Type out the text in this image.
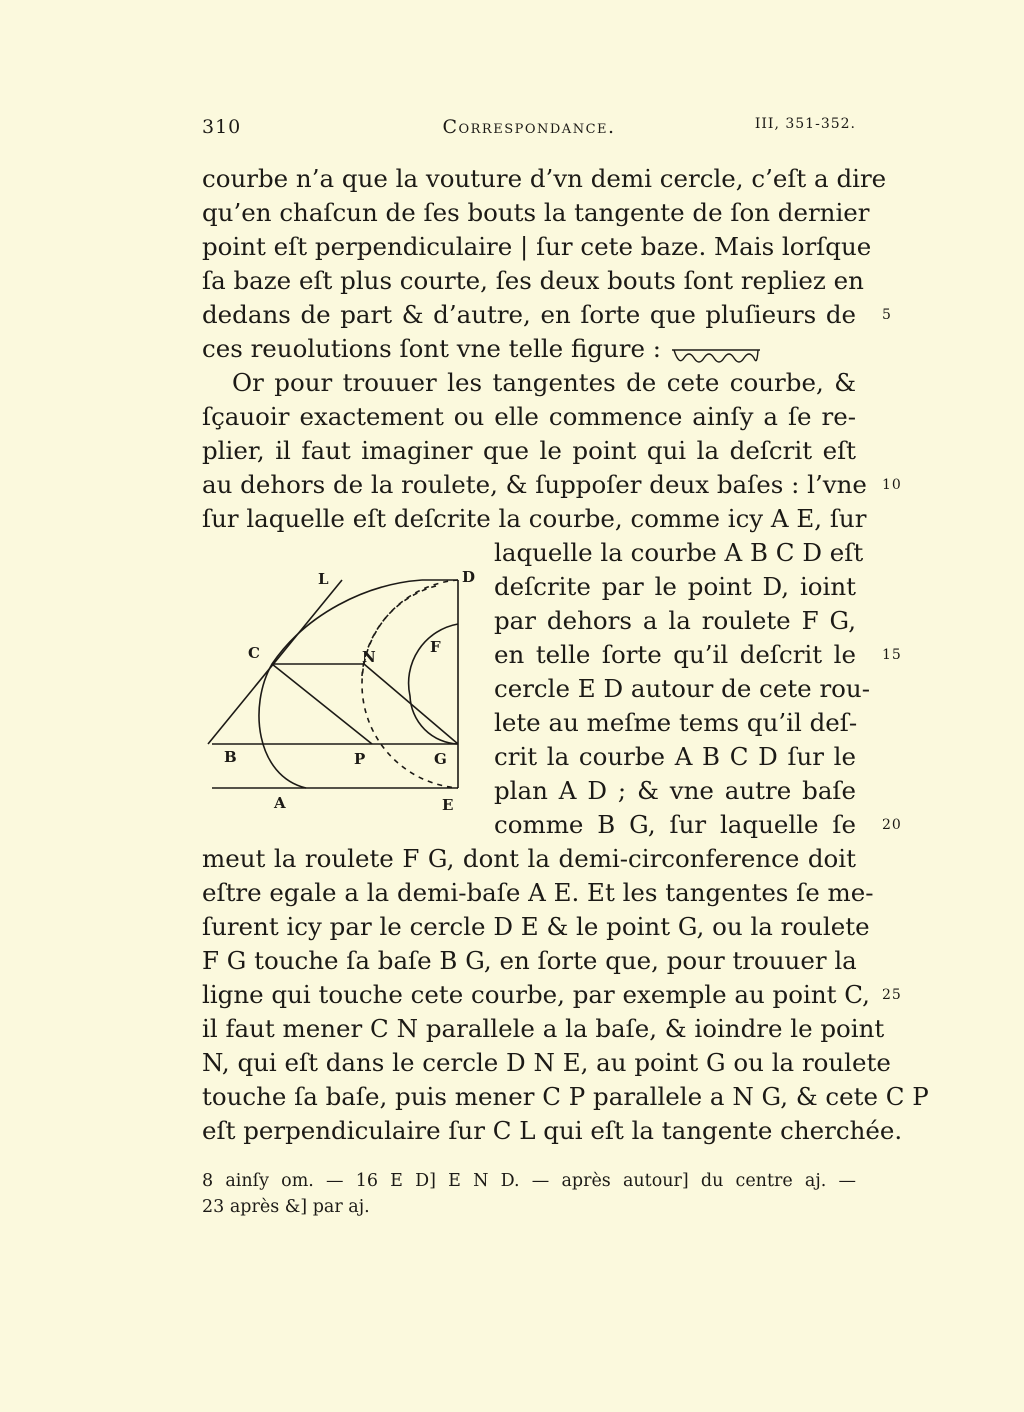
310	Correspondance.	III, 351-352.
courbe n’a que la vouture d’vn demi cercle, c’eſt a dire
qu’en chaſcun de ſes bouts la tangente de ſon dernier
point eſt perpendiculaire | ſur cete baze. Mais lorſque
ſa baze eſt plus courte, ſes deux bouts ſont repliez en
dedans de part & d’autre, en ſorte que pluſieurs de 5
ces reuolutions ſont vne telle figure :
Or pour trouuer les tangentes de cete courbe, &
ſçauoir exactement ou elle commence ainſy a ſe re-
plier, il faut imaginer que le point qui la deſcrit eſt
au dehors de la roulete, & ſuppoſer deux baſes : l’vne 10
ſur laquelle eſt deſcrite la courbe, comme icy A E, ſur
laquelle la courbe A B C D eſt
deſcrite par le point D, ioint
par dehors a la roulete F G,
en telle ſorte qu’il deſcrit le 15
cercle E D autour de cete rou-
lete au meſme tems qu’il deſ-
crit la courbe A B C D ſur le
plan A D ; & vne autre baſe
comme B G, ſur laquelle ſe 20
meut la roulete F G, dont la demi-circonference doit
eſtre egale a la demi-baſe A E. Et les tangentes ſe me-
ſurent icy par le cercle D E & le point G, ou la roulete
F G touche ſa baſe B G, en ſorte que, pour trouuer la
ligne qui touche cete courbe, par exemple au point C, 25
il faut mener C N parallele a la baſe, & ioindre le point
N, qui eſt dans le cercle D N E, au point G ou la roulete
touche ſa baſe, puis mener C P parallele a N G, & cete C P
eſt perpendiculaire ſur C L qui eſt la tangente cherchée.
L	D
C	N
F
B	P	G
A	E
8 ainſy om. — 16 E D] E N D. — après autour] du centre aj. —
23 après &] par aj.
